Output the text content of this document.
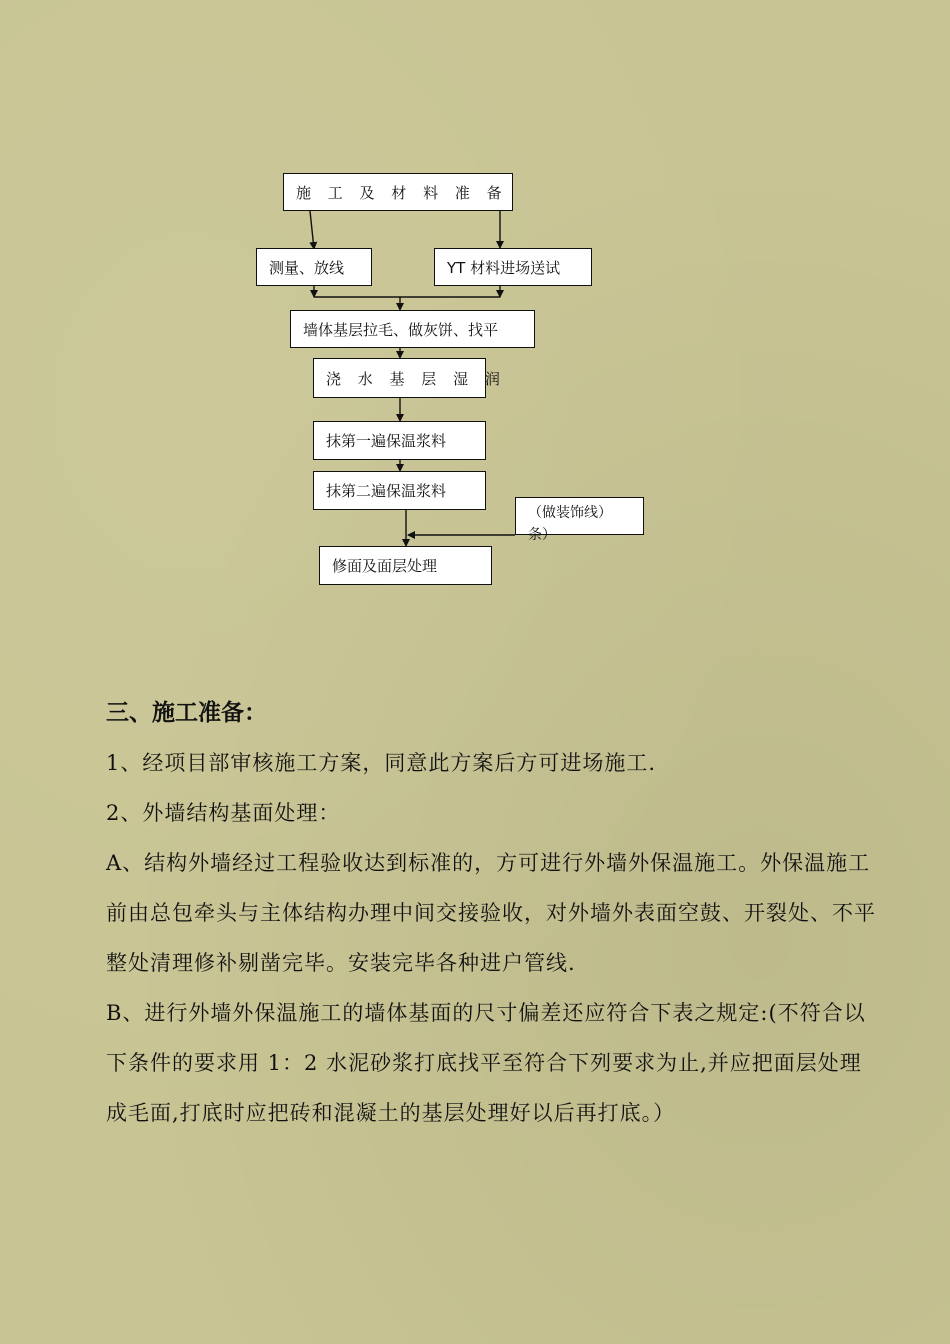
施 工 及 材 料 准 备
测量、放线	YT 材料进场送试
墙体基层拉毛、做灰饼、找平
浇 水 基 层 湿 润
抹第一遍保温浆料
抹第二遍保温浆料
（做装饰线）
条）
修面及面层处理

三、施工准备：

1、经项目部审核施工方案，同意此方案后方可进场施工.

2、外墙结构基面处理：

A、结构外墙经过工程验收达到标准的，方可进行外墙外保温施工。外保温施工前由总包牵头与主体结构办理中间交接验收，对外墙外表面空鼓、开裂处、不平整处清理修补剔凿完毕。安装完毕各种进户管线.

B、进行外墙外保温施工的墙体基面的尺寸偏差还应符合下表之规定:(不符合以下条件的要求用 1：2 水泥砂浆打底找平至符合下列要求为止,并应把面层处理成毛面,打底时应把砖和混凝土的基层处理好以后再打底。）
